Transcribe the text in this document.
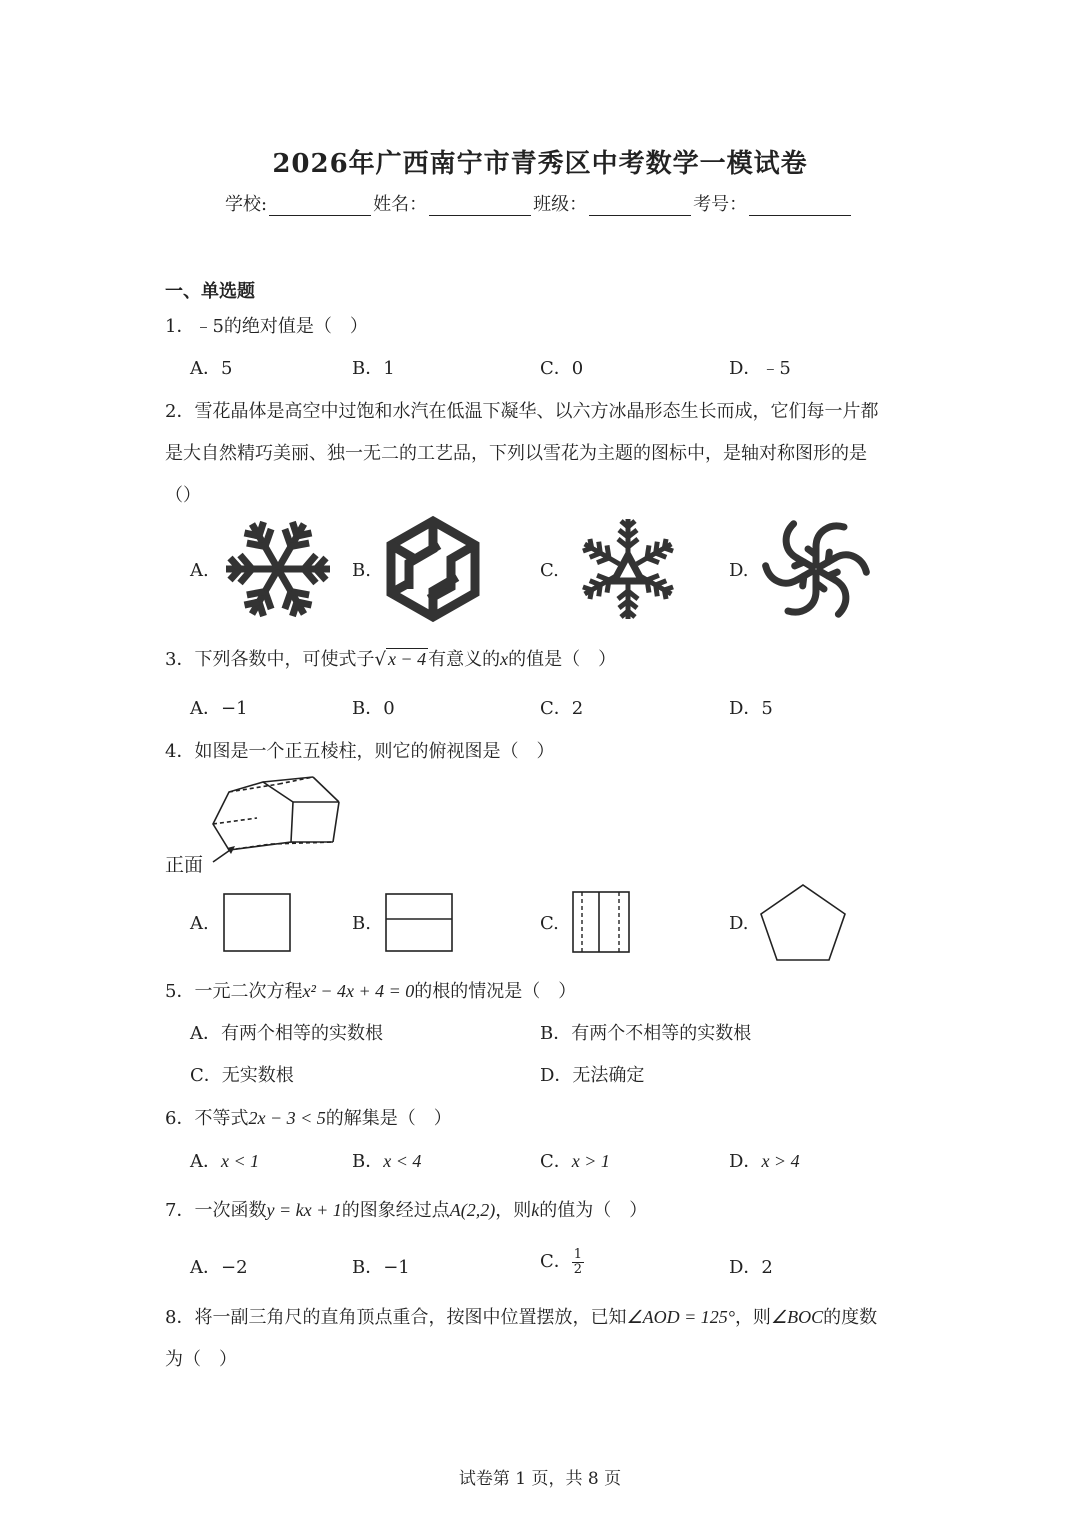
2026年广西南宁市青秀区中考数学一模试卷
学校:	姓名：	班级：	考号：
一、单选题
1．﹣5的绝对值是（　）
A．5	B．1	C．0	D．﹣5
2．雪花晶体是高空中过饱和水汽在低温下凝华、以六方冰晶形态生长而成，它们每一片都
是大自然精巧美丽、独一无二的工艺品，下列以雪花为主题的图标中，是轴对称图形的是
（）
A.	B.	C.	D.
3．下列各数中，可使式子√ x − 4 有意义的x的值是（　）
A．−1	B．0	C．2	D．5
4．如图是一个正五棱柱，则它的俯视图是（　）
正面
A.	B.	C.	D.
5．一元二次方程x² − 4x + 4 = 0的根的情况是（　）
A．有两个相等的实数根	B．有两个不相等的实数根
C．无实数根	D．无法确定
6．不等式2x − 3 < 5的解集是（　）
A．x < 1	B．x < 4	C．x > 1	D．x > 4
7．一次函数y = kx + 1的图象经过点A(2,2)，则k的值为（　）
A．−2	B．−1	C． $\frac{1}{2}$	D．2
8．将一副三角尺的直角顶点重合，按图中位置摆放，已知∠AOD = 125°，则∠BOC的度数
为（　）
试卷第 1 页，共 8 页
